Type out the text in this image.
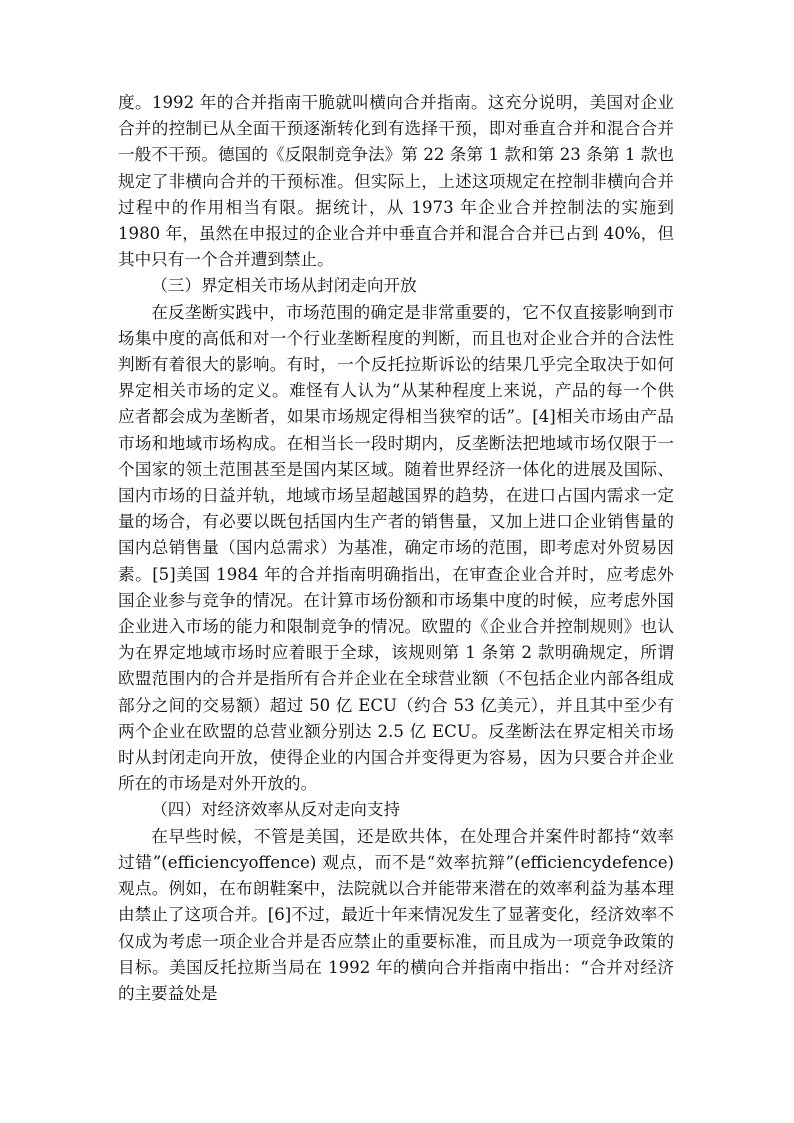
度。1992 年的合并指南干脆就叫横向合并指南。这充分说明，美国对企业合并的控制已从全面干预逐渐转化到有选择干预，即对垂直合并和混合合并一般不干预。德国的《反限制竞争法》第 22 条第 1 款和第 23 条第 1 款也规定了非横向合并的干预标准。但实际上，上述这项规定在控制非横向合并过程中的作用相当有限。据统计，从 1973 年企业合并控制法的实施到 1980 年，虽然在申报过的企业合并中垂直合并和混合合并已占到 40%，但其中只有一个合并遭到禁止。

（三）界定相关市场从封闭走向开放

在反垄断实践中，市场范围的确定是非常重要的，它不仅直接影响到市场集中度的高低和对一个行业垄断程度的判断，而且也对企业合并的合法性判断有着很大的影响。有时，一个反托拉斯诉讼的结果几乎完全取决于如何界定相关市场的定义。难怪有人认为“从某种程度上来说，产品的每一个供应者都会成为垄断者，如果市场规定得相当狭窄的话”。[4]相关市场由产品市场和地域市场构成。在相当长一段时期内，反垄断法把地域市场仅限于一个国家的领土范围甚至是国内某区域。随着世界经济一体化的进展及国际、国内市场的日益并轨，地域市场呈超越国界的趋势，在进口占国内需求一定量的场合，有必要以既包括国内生产者的销售量，又加上进口企业销售量的国内总销售量（国内总需求）为基准，确定市场的范围，即考虑对外贸易因素。[5]美国 1984 年的合并指南明确指出，在审查企业合并时，应考虑外国企业参与竞争的情况。在计算市场份额和市场集中度的时候，应考虑外国企业进入市场的能力和限制竞争的情况。欧盟的《企业合并控制规则》也认为在界定地域市场时应着眼于全球，该规则第 1 条第 2 款明确规定，所谓欧盟范围内的合并是指所有合并企业在全球营业额（不包括企业内部各组成部分之间的交易额）超过 50 亿 ECU（约合 53 亿美元），并且其中至少有两个企业在欧盟的总营业额分别达 2.5 亿 ECU。反垄断法在界定相关市场时从封闭走向开放，使得企业的内国合并变得更为容易，因为只要合并企业所在的市场是对外开放的。

（四）对经济效率从反对走向支持

在早些时候，不管是美国，还是欧共体，在处理合并案件时都持“效率过错”(efficiencyoffence) 观点，而不是“效率抗辩”(efficiencydefence) 观点。例如，在布朗鞋案中，法院就以合并能带来潜在的效率利益为基本理由禁止了这项合并。[6]不过，最近十年来情况发生了显著变化，经济效率不仅成为考虑一项企业合并是否应禁止的重要标准，而且成为一项竞争政策的目标。美国反托拉斯当局在 1992 年的横向合并指南中指出：“合并对经济的主要益处是
